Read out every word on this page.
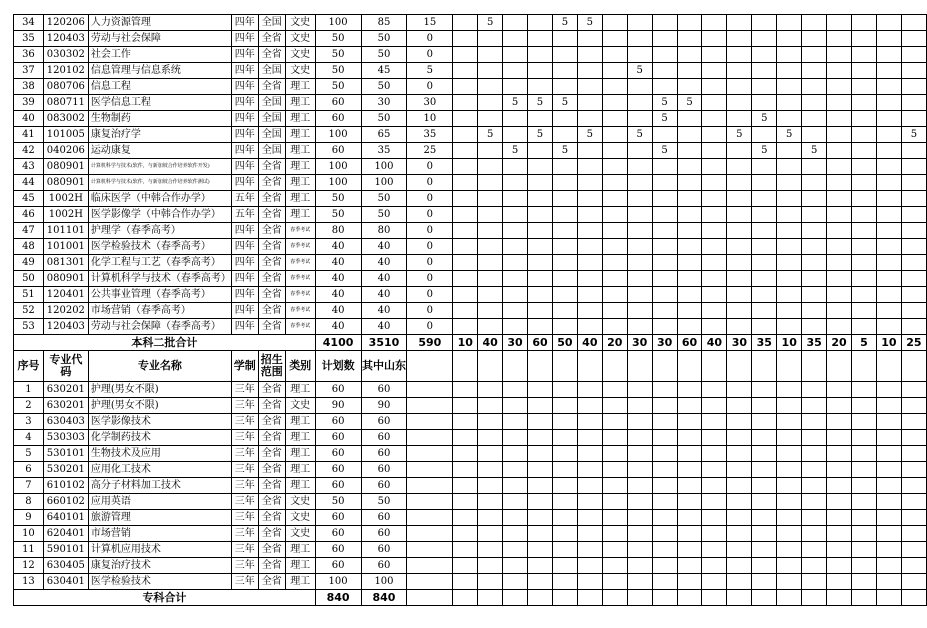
34	120206	人力资源管理	四年	全国	文史	100	85	15		5			5	5													
35	120403	劳动与社会保障	四年	全省	文史	50	50	0																			
36	030302	社会工作	四年	全省	文史	50	50	0																			
37	120102	信息管理与信息系统	四年	全国	文史	50	45	5								5											
38	080706	信息工程	四年	全省	理工	50	50	0																			
39	080711	医学信息工程	四年	全国	理工	60	30	30			5	5	5				5	5									
40	083002	生物制药	四年	全国	理工	60	50	10									5				5						
41	101005	康复治疗学	四年	全国	理工	100	65	35		5		5		5		5				5		5					5
42	040206	运动康复	四年	全国	理工	60	35	25			5		5				5				5		5				
43	080901	计算机科学与技术(软件，与新加坡合作培养软件开发)	四年	全省	理工	100	100	0																			
44	080901	计算机科学与技术(软件，与新加坡合作培养软件测试)	四年	全省	理工	100	100	0																			
45	1002H	临床医学（中韩合作办学）	五年	全省	理工	50	50	0																			
46	1002H	医学影像学（中韩合作办学）	五年	全省	理工	50	50	0																			
47	101101	护理学（春季高考）	四年	全省	春季考试	80	80	0																			
48	101001	医学检验技术（春季高考）	四年	全省	春季考试	40	40	0																			
49	081301	化学工程与工艺（春季高考）	四年	全省	春季考试	40	40	0																			
50	080901	计算机科学与技术（春季高考）	四年	全省	春季考试	40	40	0																			
51	120401	公共事业管理（春季高考）	四年	全省	春季考试	40	40	0																			
52	120202	市场营销（春季高考）	四年	全省	春季考试	40	40	0																			
53	120403	劳动与社会保障（春季高考）	四年	全省	春季考试	40	40	0																			
本科二批合计						4100	3510	590	10	40	30	60	50	40	20	30	30	60	40	30	35	10	35	20	5	10	25
序号	专业代码	专业名称	学制	招生范围	类别	计划数	其中山东																				
1	630201	护理(男女不限)	三年	全省	理工	60	60																				
2	630201	护理(男女不限)	三年	全省	文史	90	90																				
3	630403	医学影像技术	三年	全省	理工	60	60																				
4	530303	化学制药技术	三年	全省	理工	60	60																				
5	530101	生物技术及应用	三年	全省	理工	60	60																				
6	530201	应用化工技术	三年	全省	理工	60	60																				
7	610102	高分子材料加工技术	三年	全省	理工	60	60																				
8	660102	应用英语	三年	全省	文史	50	50																				
9	640101	旅游管理	三年	全省	文史	60	60																				
10	620401	市场营销	三年	全省	文史	60	60																				
11	590101	计算机应用技术	三年	全省	理工	60	60																				
12	630405	康复治疗技术	三年	全省	理工	60	60																				
13	630401	医学检验技术	三年	全省	理工	100	100																				
专科合计						840	840																				
